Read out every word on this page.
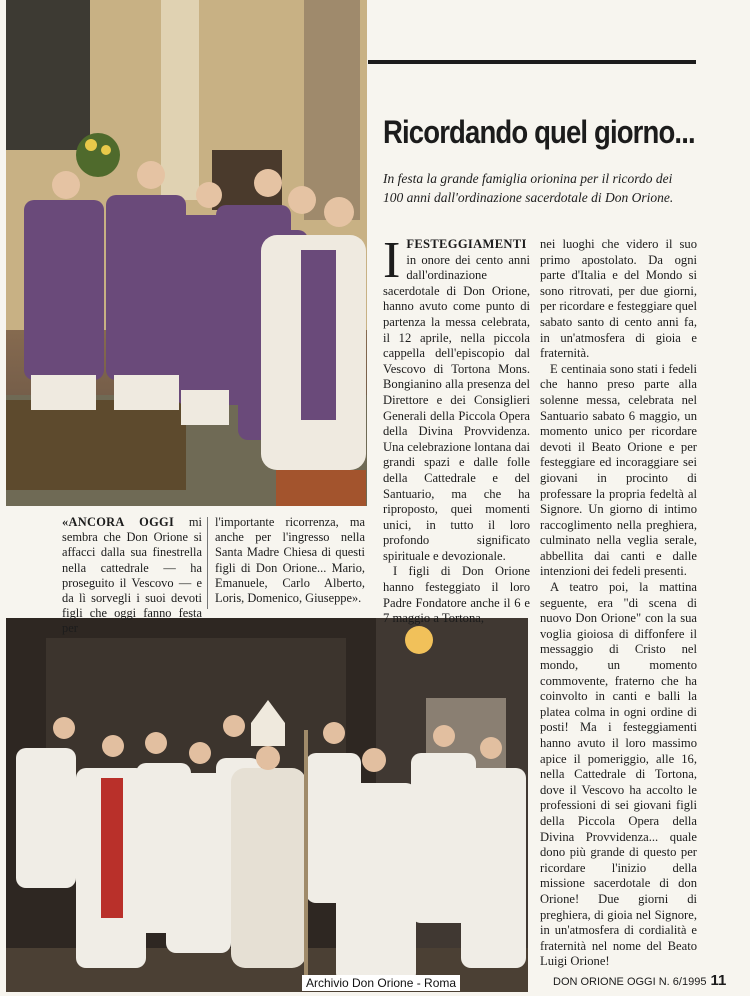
Ricordando quel giorno...
In festa la grande famiglia orionina per il ricordo dei 100 anni dall'ordinazione sacerdotale di Don Orione.

IFESTEGGIAMENTI in onore dei cento anni dall'ordinazione sacerdotale di Don Orione, hanno avuto come punto di partenza la messa celebrata, il 12 aprile, nella piccola cappella dell'episcopio dal Vescovo di Tortona Mons. Bongianino alla presenza del Direttore e dei Consiglieri Generali della Piccola Opera della Divina Provvidenza. Una celebrazione lontana dai grandi spazi e dalle folle della Cattedrale e del Santuario, ma che ha riproposto, quei momenti unici, in tutto il loro profondo significato spirituale e devozionale.

I figli di Don Orione hanno festeggiato il loro Padre Fondatore anche il 6 e 7 maggio a Tortona,

nei luoghi che videro il suo primo apostolato. Da ogni parte d'Italia e del Mondo si sono ritrovati, per due giorni, per ricordare e festeggiare quel sabato santo di cento anni fa, in un'atmosfera di gioia e fraternità.

E centinaia sono stati i fedeli che hanno preso parte alla solenne messa, celebrata nel Santuario sabato 6 maggio, un momento unico per ricordare devoti il Beato Orione e per festeggiare ed incoraggiare sei giovani in procinto di professare la propria fedeltà al Signore. Un giorno di intimo raccoglimento nella preghiera, culminato nella veglia serale, abbellita dai canti e dalle intenzioni dei fedeli presenti.

A teatro poi, la mattina seguente, era "di scena di nuovo Don Orione" con la sua voglia gioiosa di diffonfere il messaggio di Cristo nel mondo, un momento commovente, fraterno che ha coinvolto in canti e balli la platea colma in ogni ordine di posti! Ma i festeggiamenti hanno avuto il loro massimo apice il pomeriggio, alle 16, nella Cattedrale di Tortona, dove il Vescovo ha accolto le professioni di sei giovani figli della Piccola Opera della Divina Provvidenza... quale dono più grande di questo per ricordare l'inizio della missione sacerdotale di don Orione! Due giorni di preghiera, di gioia nel Signore, in un'atmosfera di cordialità e fraternità nel nome del Beato Luigi Orione!

«ANCORA OGGI mi sembra che Don Orione si affacci dalla sua finestrella nella cattedrale — ha proseguito il Vescovo — e da lì sorvegli i suoi devoti figli che oggi fanno festa per
l'importante ricorrenza, ma anche per l'ingresso nella Santa Madre Chiesa di questi figli di Don Orione... Mario, Emanuele, Carlo Alberto, Loris, Domenico, Giuseppe».
Archivio Don Orione - Roma	DON ORIONE OGGI N. 6/1995 11
